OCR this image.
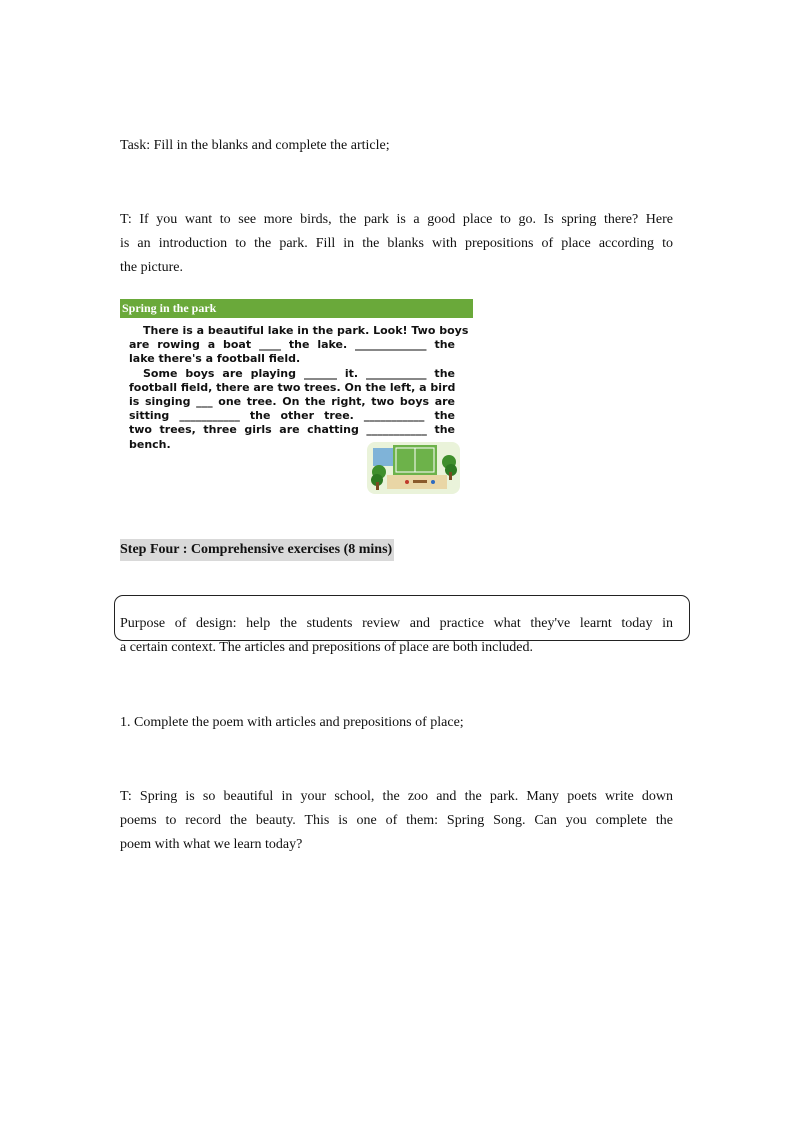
Task: Fill in the blanks and complete the article;
T: If you want to see more birds, the park is a good place to go. Is spring there? Here
is an introduction to the park. Fill in the blanks with prepositions of place according to
the picture.
Spring in the park
There is a beautiful lake in the park. Look! Two boys
are rowing a boat ____ the lake. _____________ the
lake there's a football field.
Some boys are playing ______ it. ___________ the
football field, there are two trees. On the left, a bird
is singing ___ one tree. On the right, two boys are
sitting ___________ the other tree. ___________ the
two trees, three girls are chatting ___________ the
bench.
Step Four : Comprehensive exercises (8 mins)
Purpose of design: help the students review and practice what they've learnt today in
a certain context. The articles and prepositions of place are both included.
1. Complete the poem with articles and prepositions of place;
T: Spring is so beautiful in your school, the zoo and the park. Many poets write down
poems to record the beauty. This is one of them: Spring Song. Can you complete the
poem with what we learn today?
